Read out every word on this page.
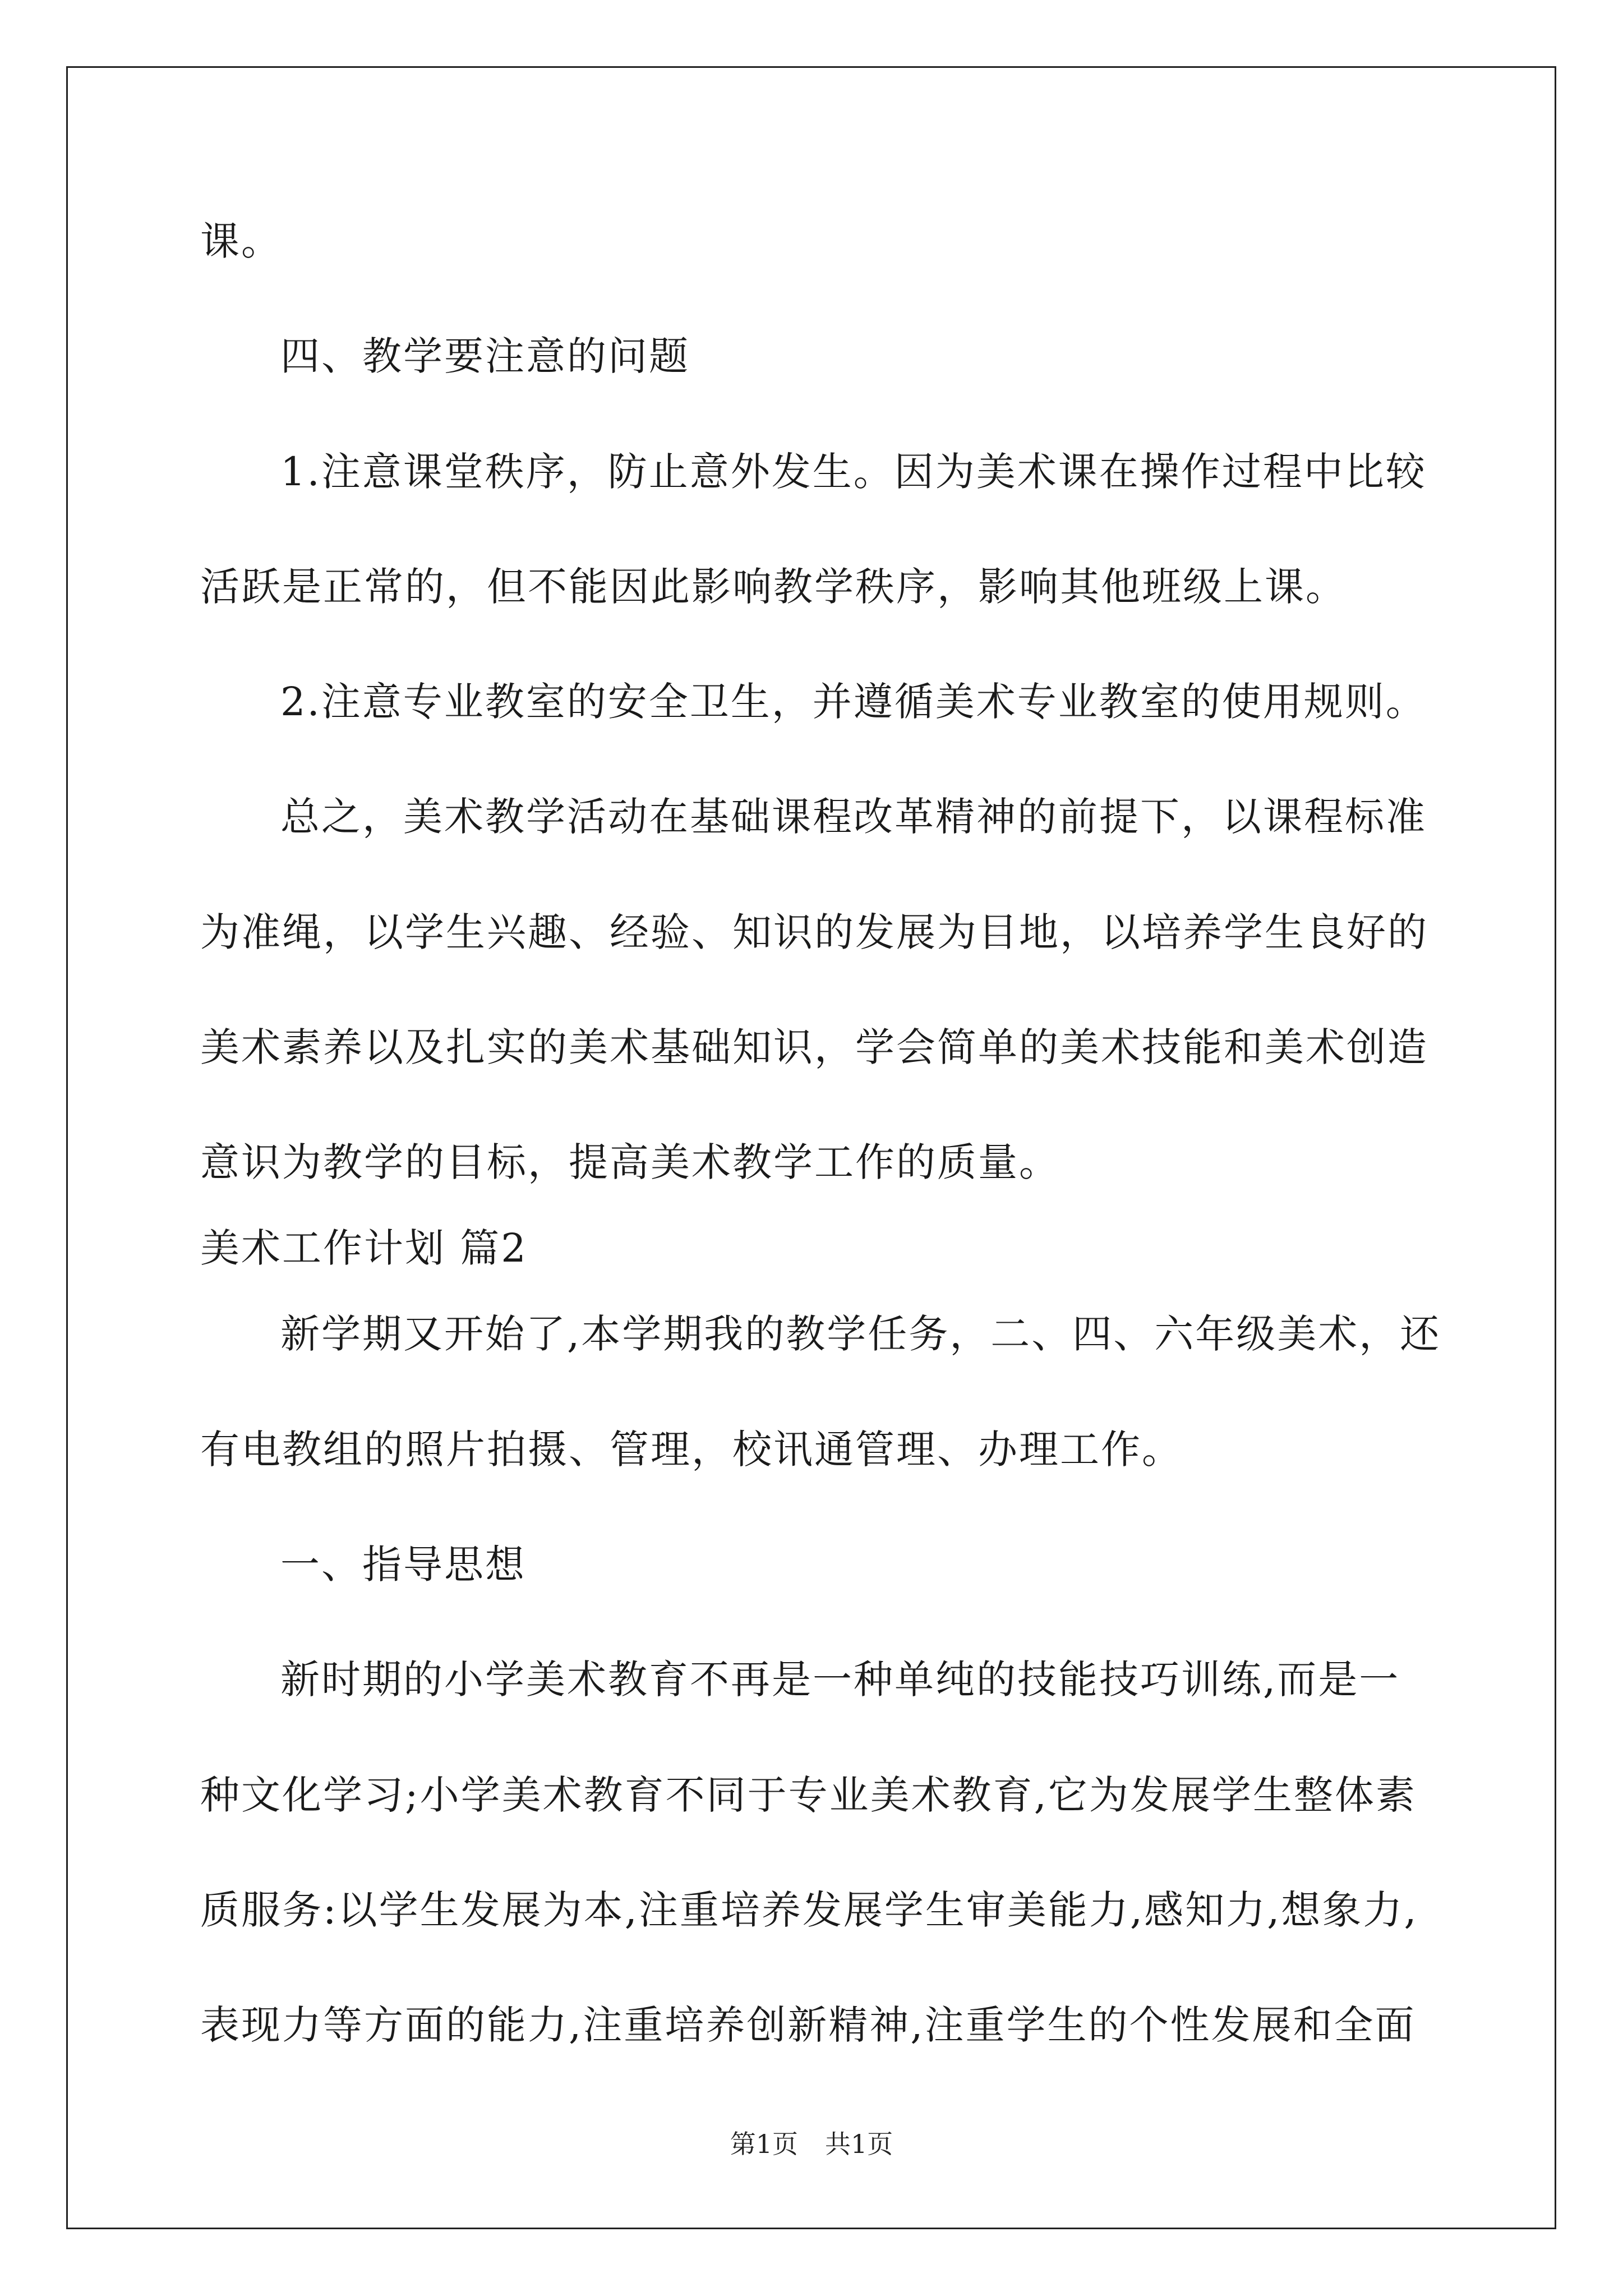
课。
四、教学要注意的问题
1.注意课堂秩序，防止意外发生。因为美术课在操作过程中比较
活跃是正常的，但不能因此影响教学秩序，影响其他班级上课。
2.注意专业教室的安全卫生，并遵循美术专业教室的使用规则。
总之，美术教学活动在基础课程改革精神的前提下，以课程标准
为准绳，以学生兴趣、经验、知识的发展为目地，以培养学生良好的
美术素养以及扎实的美术基础知识，学会简单的美术技能和美术创造
意识为教学的目标，提高美术教学工作的质量。
美术工作计划 篇2
新学期又开始了,本学期我的教学任务，二、四、六年级美术，还
有电教组的照片拍摄、管理，校讯通管理、办理工作。
一、指导思想
新时期的小学美术教育不再是一种单纯的技能技巧训练,而是一
种文化学习;小学美术教育不同于专业美术教育,它为发展学生整体素
质服务:以学生发展为本,注重培养发展学生审美能力,感知力,想象力,
表现力等方面的能力,注重培养创新精神,注重学生的个性发展和全面
第1页 共1页
